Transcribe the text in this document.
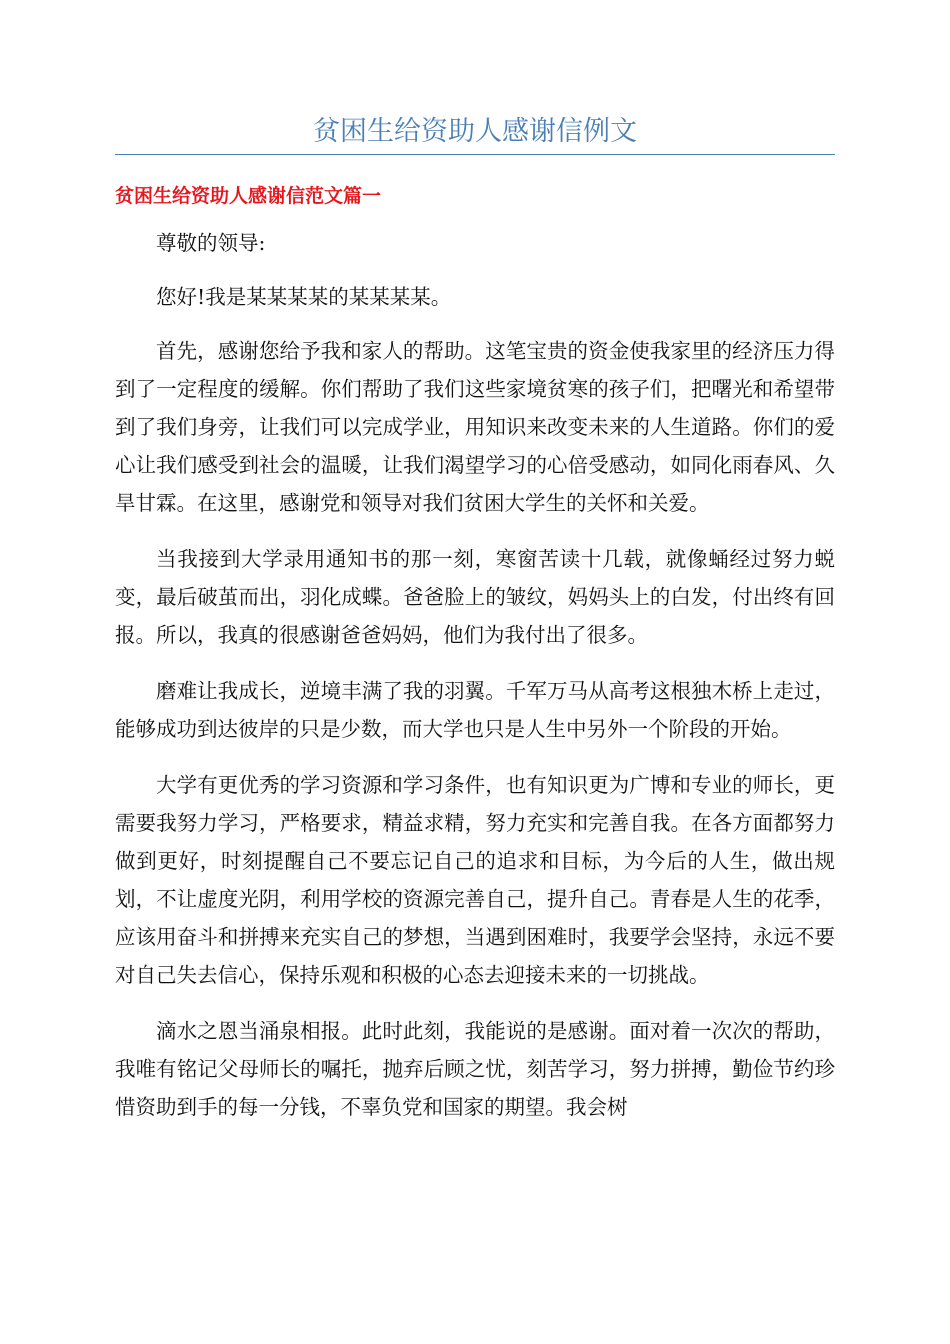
贫困生给资助人感谢信例文
贫困生给资助人感谢信范文篇一

尊敬的领导:

您好!我是某某某某的某某某某。

首先，感谢您给予我和家人的帮助。这笔宝贵的资金使我家里的经济压力得到了一定程度的缓解。你们帮助了我们这些家境贫寒的孩子们，把曙光和希望带到了我们身旁，让我们可以完成学业，用知识来改变未来的人生道路。你们的爱心让我们感受到社会的温暖，让我们渴望学习的心倍受感动，如同化雨春风、久旱甘霖。在这里，感谢党和领导对我们贫困大学生的关怀和关爱。

当我接到大学录用通知书的那一刻，寒窗苦读十几载，就像蛹经过努力蜕变，最后破茧而出，羽化成蝶。爸爸脸上的皱纹，妈妈头上的白发，付出终有回报。所以，我真的很感谢爸爸妈妈，他们为我付出了很多。

磨难让我成长，逆境丰满了我的羽翼。千军万马从高考这根独木桥上走过，能够成功到达彼岸的只是少数，而大学也只是人生中另外一个阶段的开始。

大学有更优秀的学习资源和学习条件，也有知识更为广博和专业的师长，更需要我努力学习，严格要求，精益求精，努力充实和完善自我。在各方面都努力做到更好，时刻提醒自己不要忘记自己的追求和目标，为今后的人生，做出规划，不让虚度光阴，利用学校的资源完善自己，提升自己。青春是人生的花季，应该用奋斗和拼搏来充实自己的梦想，当遇到困难时，我要学会坚持，永远不要对自己失去信心，保持乐观和积极的心态去迎接未来的一切挑战。

滴水之恩当涌泉相报。此时此刻，我能说的是感谢。面对着一次次的帮助，我唯有铭记父母师长的嘱托，抛弃后顾之忧，刻苦学习，努力拼搏，勤俭节约珍惜资助到手的每一分钱，不辜负党和国家的期望。我会树
